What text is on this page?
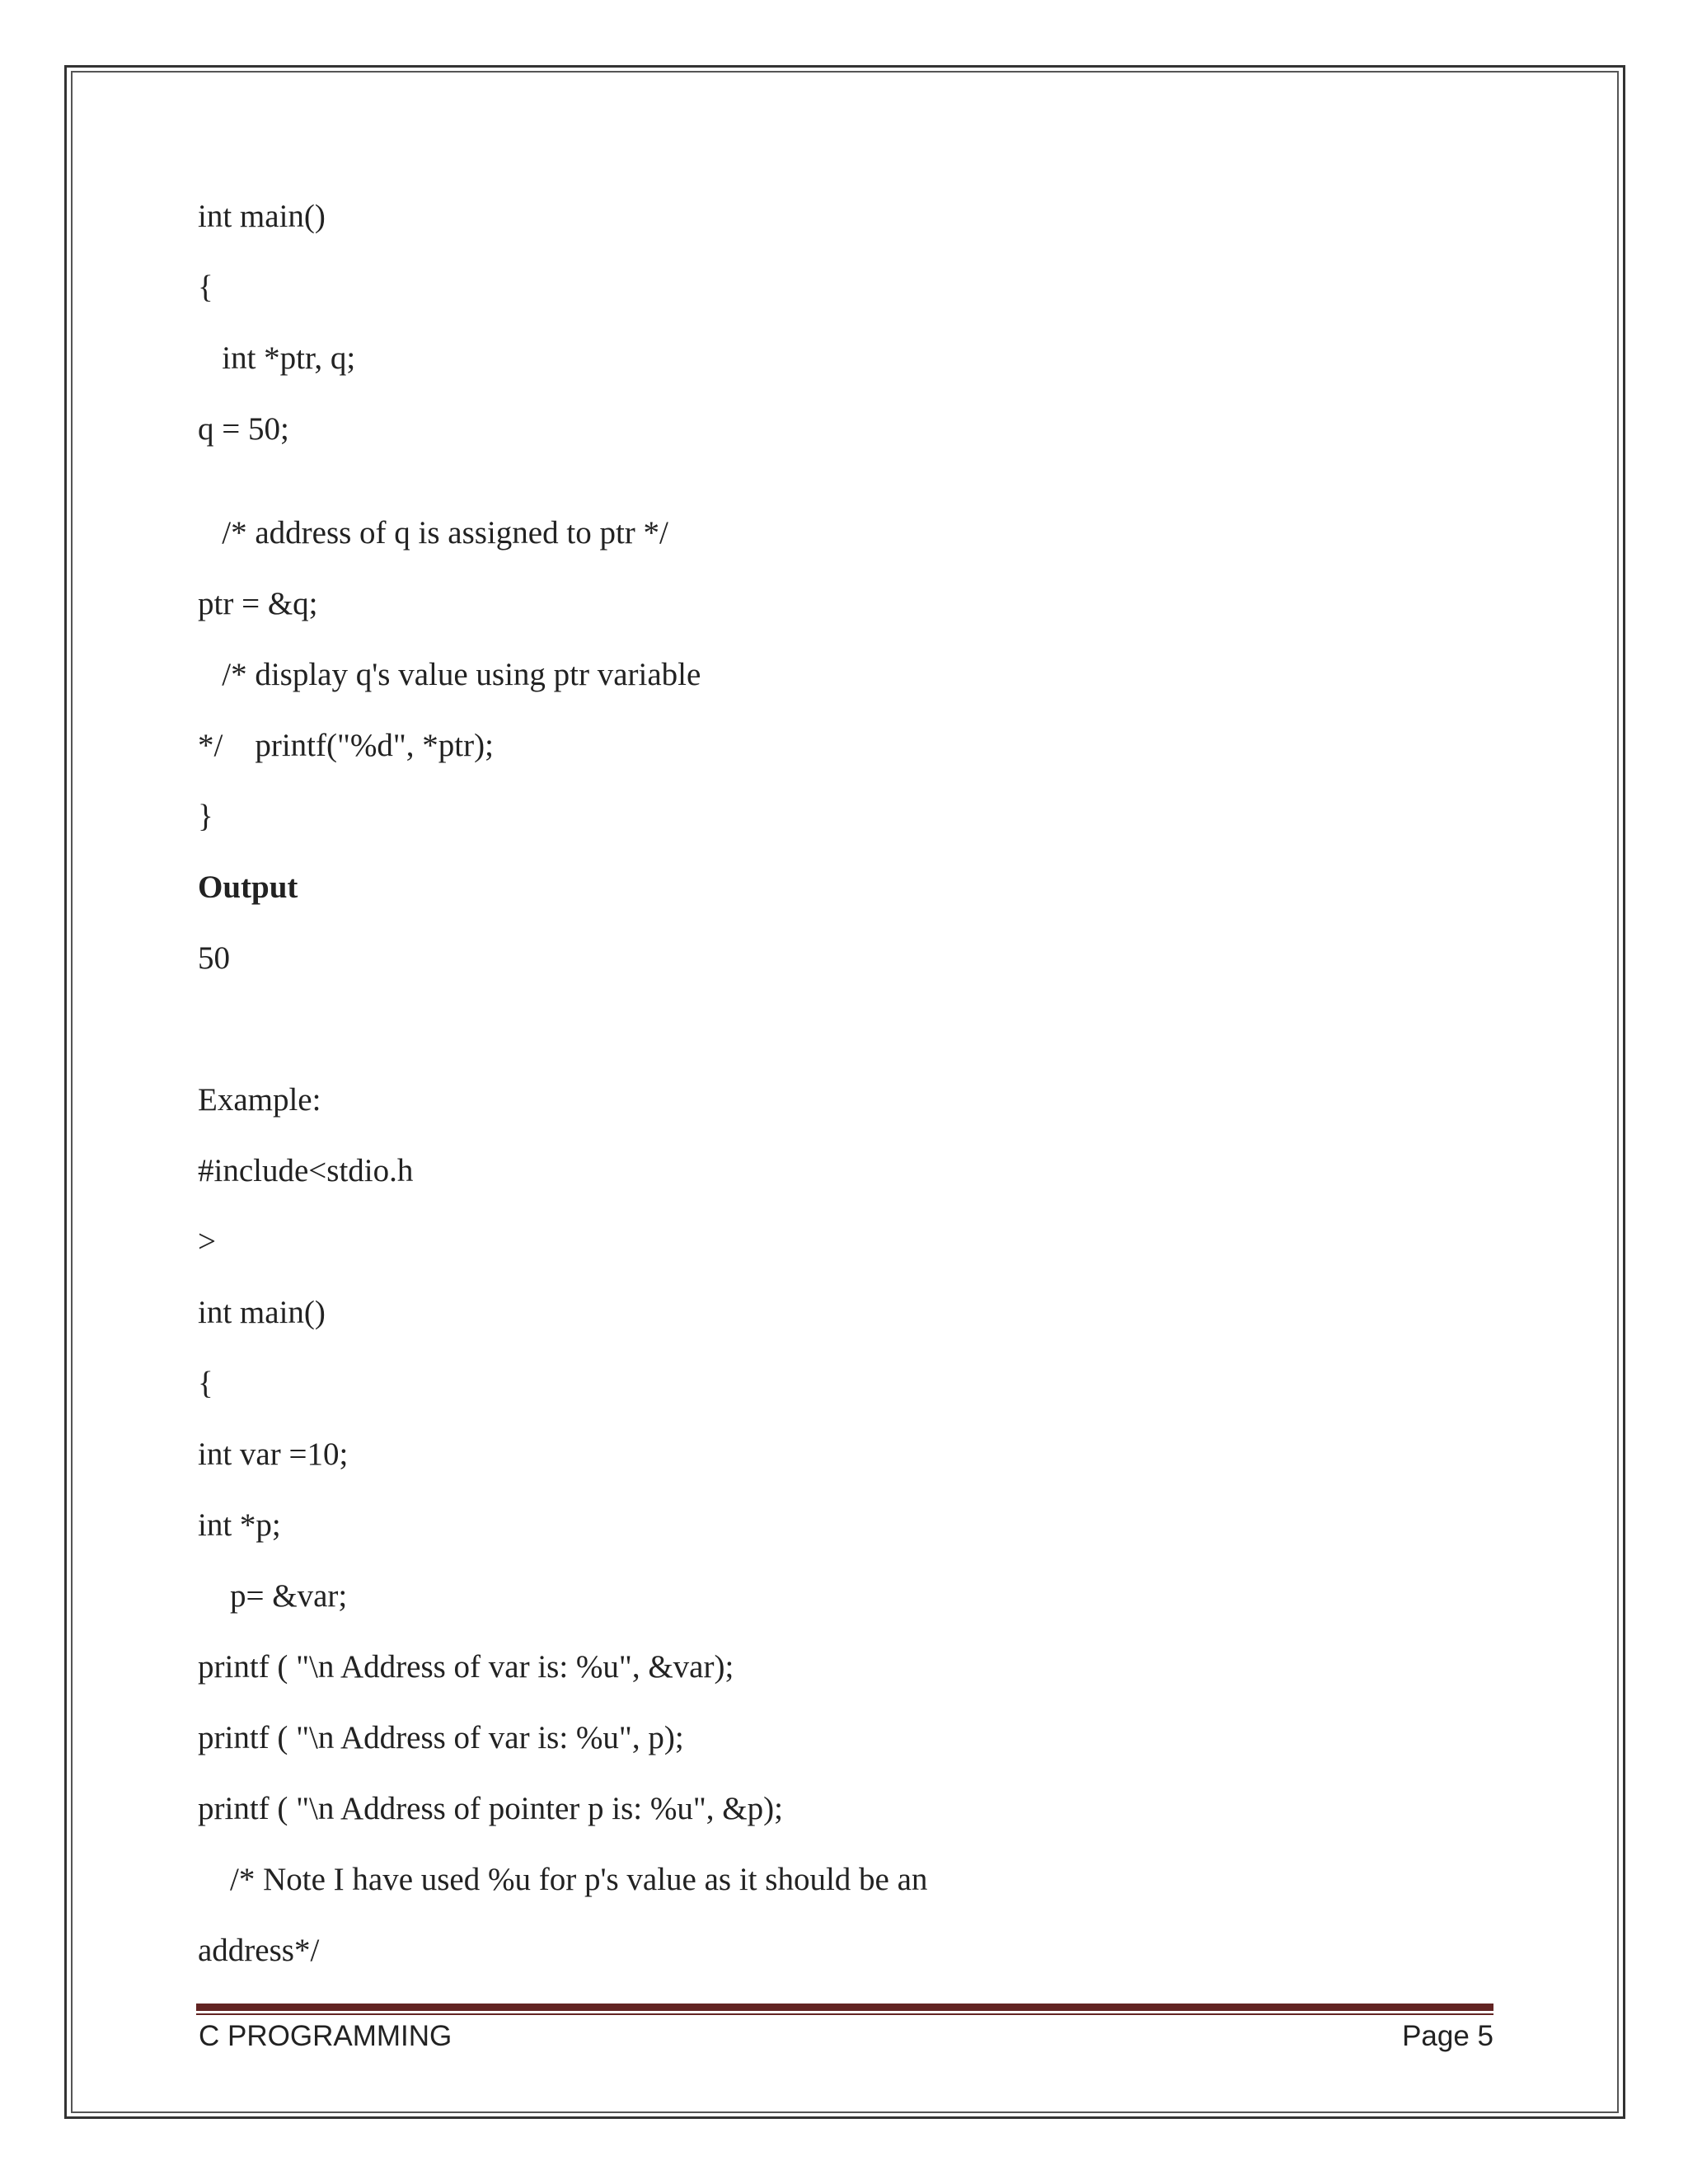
int main()

{

int *ptr, q;

q = 50;

/* address of q is assigned to ptr */

ptr = &q;

/* display q's value using ptr variable

*/    printf("%d", *ptr);

}

Output

50

Example:

#include<stdio.h

>

int main()

{

int var =10;

int *p;

p= &var;

printf ( "\n Address of var is: %u", &var);

printf ( "\n Address of var is: %u", p);

printf ( "\n Address of pointer p is: %u", &p);

/* Note I have used %u for p's value as it should be an

address*/

C PROGRAMMING	Page 5
